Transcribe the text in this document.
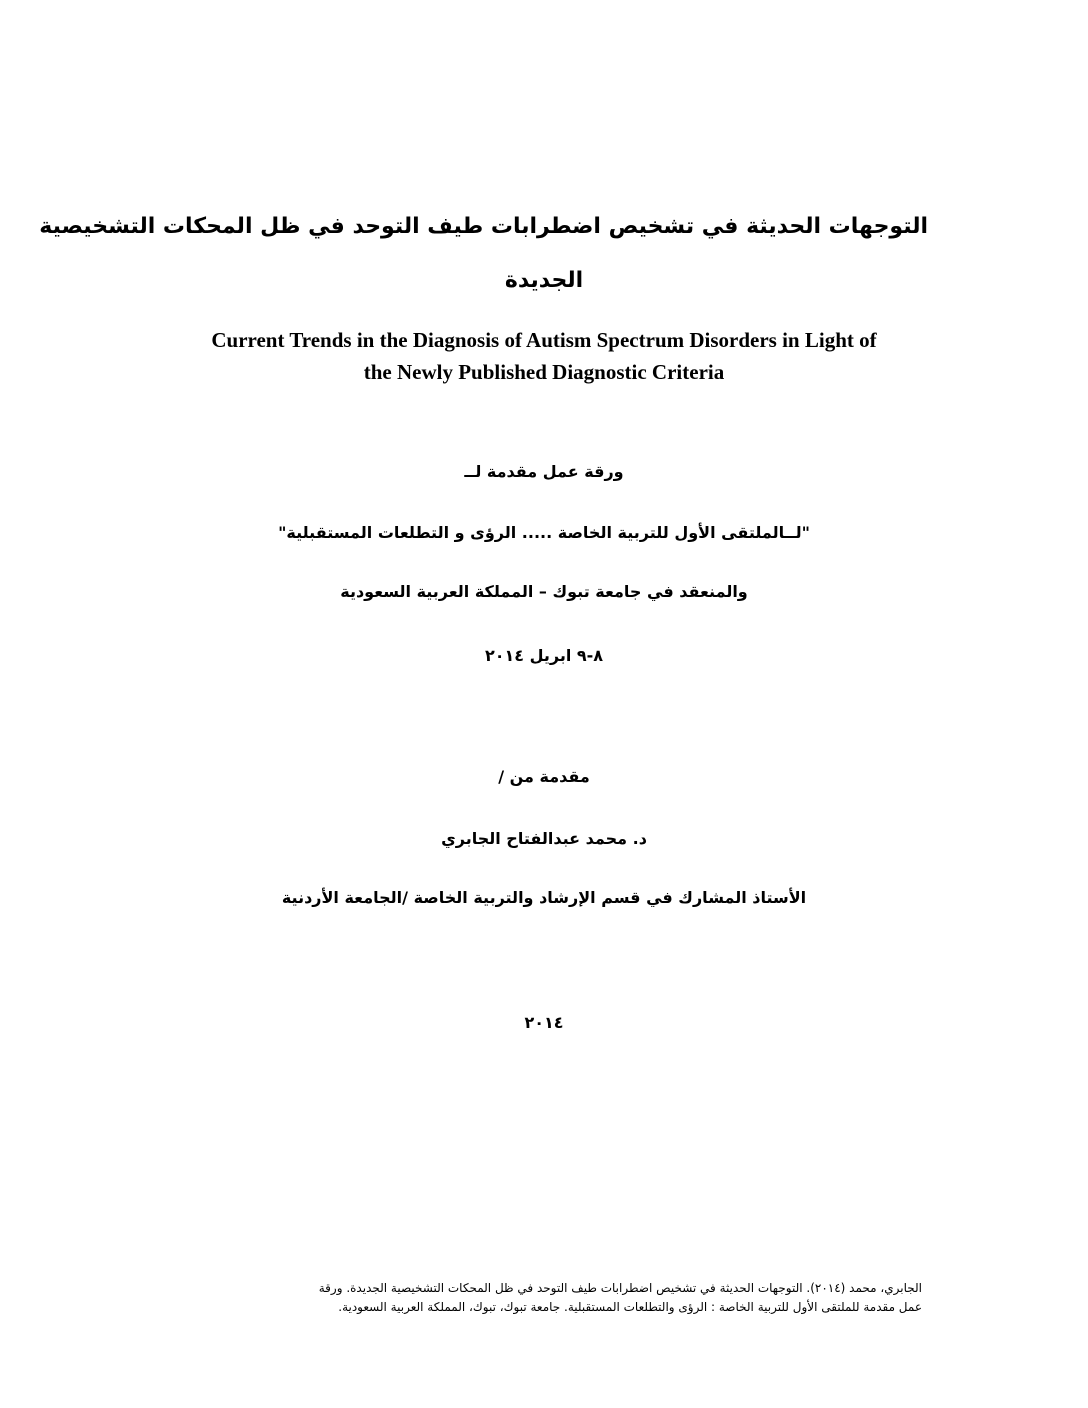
التوجهات الحديثة في تشخيص اضطرابات طيف التوحد في ظل المحكات التشخيصية
الجديدة
Current Trends in the Diagnosis of Autism Spectrum Disorders in Light of
the Newly Published Diagnostic Criteria
ورقة عمل مقدمة لــ
"لــالملتقى الأول للتربية الخاصة ..... الرؤى و التطلعات المستقبلية"
والمنعقد في جامعة تبوك – المملكة العربية السعودية
٨-٩ ابريل ٢٠١٤
مقدمة من /
د. محمد عبدالفتاح الجابري
الأستاذ المشارك في قسم الإرشاد والتربية الخاصة /الجامعة الأردنية
٢٠١٤
الجابري، محمد (٢٠١٤). التوجهات الحديثة في تشخيص اضطرابات طيف التوحد في ظل المحكات التشخيصية الجديدة. ورقة
عمل مقدمة للملتقى الأول للتربية الخاصة : الرؤى والتطلعات المستقبلية. جامعة تبوك، تبوك، المملكة العربية السعودية.
